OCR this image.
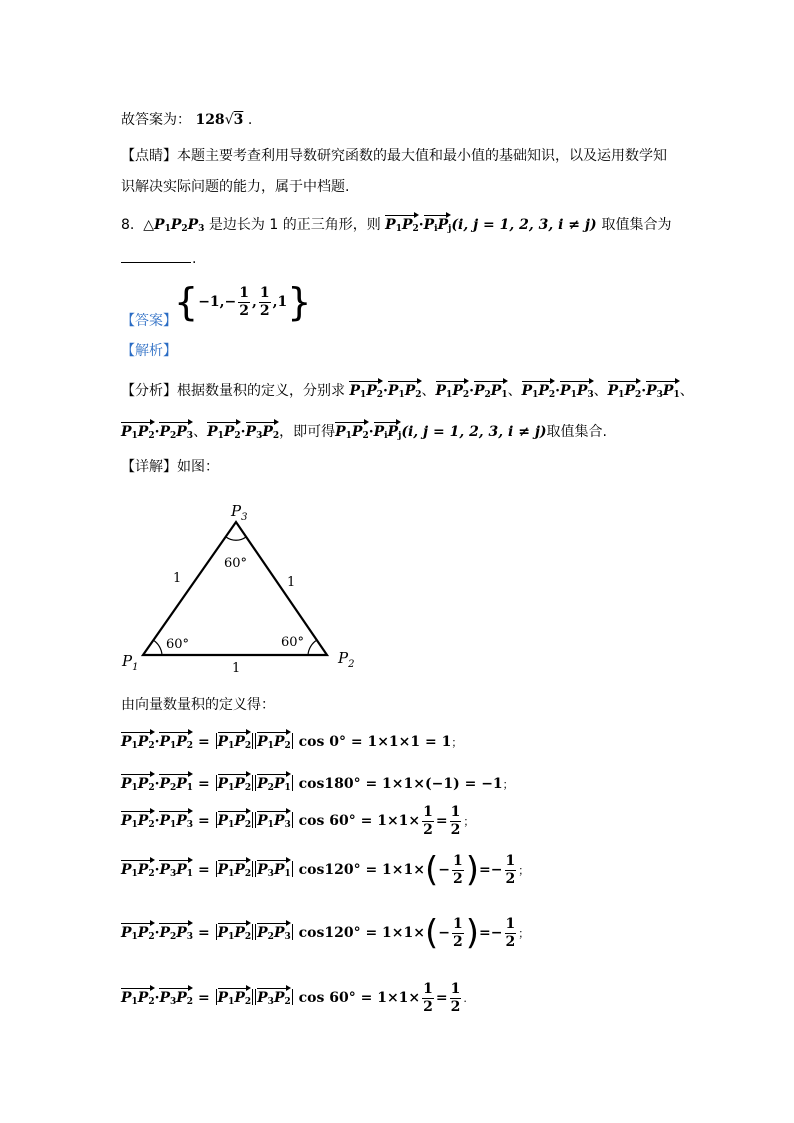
故答案为： 128√3 .
【点睛】本题主要考查利用导数研究函数的最大值和最小值的基础知识，以及运用数学知
识解决实际问题的能力，属于中档题.
8. $\triangle P_1P_2P_3$ 是边长为 1 的正三角形，则 $P_1P_2\cdot P_iP_j(i$, j = 1, 2, 3, i ≠ j) 取值集合为
.
【答案】
{$-1,- \frac{1}{2}$ , $\frac{1}{2} ,1$}
【解析】
【分析】根据数量积的定义，分别求 $P_1P_2\cdot P_1P_2$、$P_1P_2\cdot P_2P_1$、$P_1P_2\cdot P_1P_3$、$P_1P_2\cdot P_3P_1$、
$P_1P_2\cdot P_2P_3$、$P_1P_2\cdot P_3P_2$，即可得$P_1P_2\cdot P_iP_j(i$, j = 1, 2, 3, i ≠ j)取值集合.
【详解】如图：
$P_1$
$P_2$
$P_3$
1	1
1
60°	60°
60°
由向量数量积的定义得：
$P_1P_2\cdot P_1P_2 = P_1P_2$ $P_1P_2$ cos 0° = 1×1×1 = 1；
$P_1P_2\cdot P_2P_1 = P_1P_2$ $P_2P_1$ cos180° = 1×1×(−1) = −1；
$P_1P_2\cdot P_1P_3 = P_1P_2$ $P_1P_3$ $\cos 60^\circ = 1\times 1\times \frac{1}{2} = \frac{1}{2}$ ；
$P_1P_2\cdot P_3P_1 = P_1P_2$ $P_3P_1$ $\cos 120^\circ = 1\times 1\times(- \frac{1}{2}$ )=− $\frac{1}{2}$ ；
$P_1P_2\cdot P_2P_3 = P_1P_2$ $P_2P_3$ $\cos 120^\circ = 1\times 1\times(- \frac{1}{2}$ )=− $\frac{1}{2}$ ；
$P_1P_2\cdot P_3P_2 = P_1P_2$ $P_3P_2$ $\cos 60^\circ = 1\times 1\times \frac{1}{2} = \frac{1}{2}$ .
